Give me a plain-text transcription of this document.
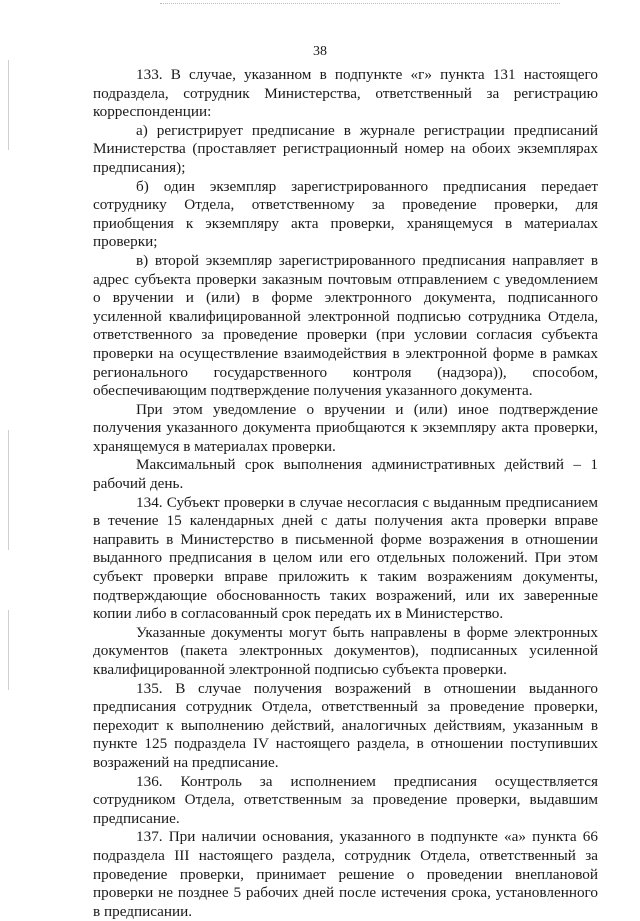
38

133. В случае, указанном в подпункте «г» пункта 131 настоящего подраздела, сотрудник Министерства, ответственный за регистрацию корреспонденции:

а) регистрирует предписание в журнале регистрации предписаний Министерства (проставляет регистрационный номер на обоих экземплярах предписания);

б) один экземпляр зарегистрированного предписания передает сотруднику Отдела, ответственному за проведение проверки, для приобщения к экземпляру акта проверки, хранящемуся в материалах проверки;

в) второй экземпляр зарегистрированного предписания направляет в адрес субъекта проверки заказным почтовым отправлением с уведомлением о вручении и (или) в форме электронного документа, подписанного усиленной квалифицированной электронной подписью сотрудника Отдела, ответственного за проведение проверки (при условии согласия субъекта проверки на осуществление взаимодействия в электронной форме в рамках регионального государственного контроля (надзора)), способом, обеспечивающим подтверждение получения указанного документа.

При этом уведомление о вручении и (или) иное подтверждение получения указанного документа приобщаются к экземпляру акта проверки, хранящемуся в материалах проверки.

Максимальный срок выполнения административных действий – 1 рабочий день.

134. Субъект проверки в случае несогласия с выданным предписанием в течение 15 календарных дней с даты получения акта проверки вправе направить в Министерство в письменной форме возражения в отношении выданного предписания в целом или его отдельных положений. При этом субъект проверки вправе приложить к таким возражениям документы, подтверждающие обоснованность таких возражений, или их заверенные копии либо в согласованный срок передать их в Министерство.

Указанные документы могут быть направлены в форме электронных документов (пакета электронных документов), подписанных усиленной квалифицированной электронной подписью субъекта проверки.

135. В случае получения возражений в отношении выданного предписания сотрудник Отдела, ответственный за проведение проверки, переходит к выполнению действий, аналогичных действиям, указанным в пункте 125 подраздела IV настоящего раздела, в отношении поступивших возражений на предписание.

136. Контроль за исполнением предписания осуществляется сотрудником Отдела, ответственным за проведение проверки, выдавшим предписание.

137. При наличии основания, указанного в подпункте «а» пункта 66 подраздела III настоящего раздела, сотрудник Отдела, ответственный за проведение проверки, принимает решение о проведении внеплановой проверки не позднее 5 рабочих дней после истечения срока, установленного в предписании.
